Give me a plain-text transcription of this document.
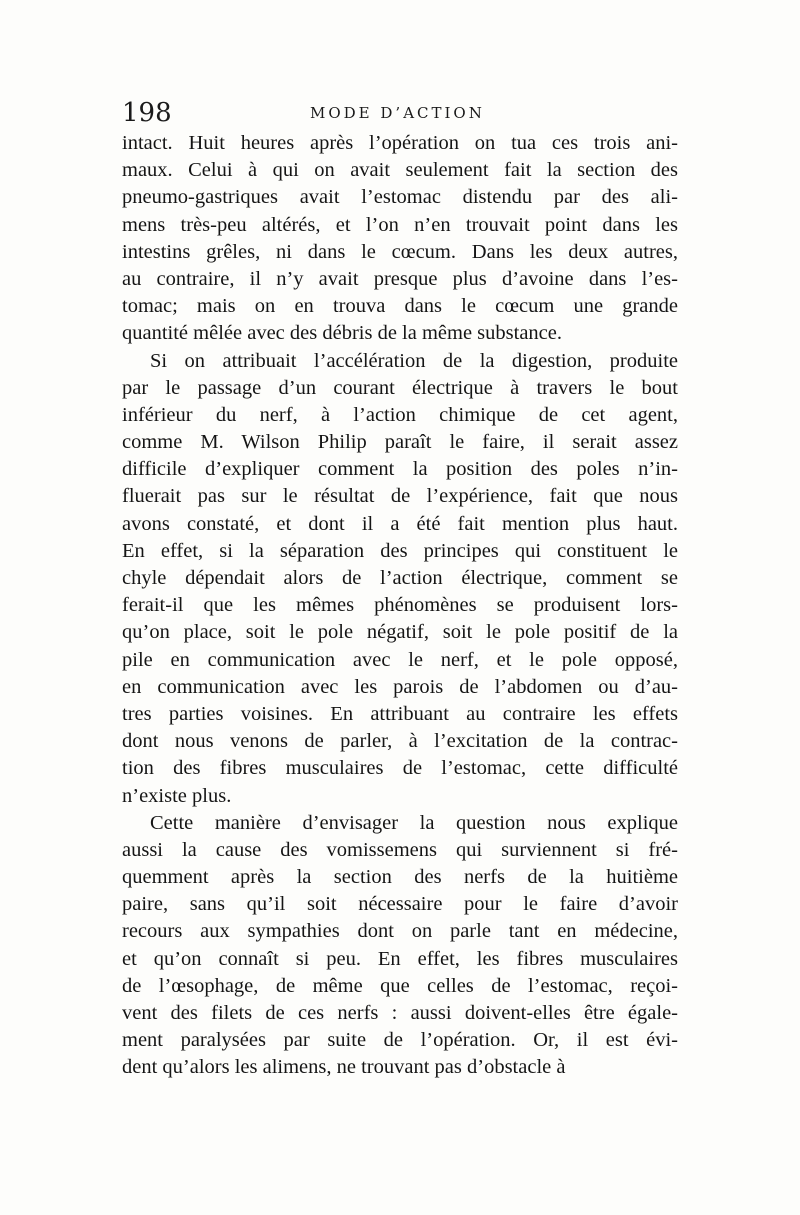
198	MODE D’ACTION
intact. Huit heures après l’opération on tua ces trois ani-
maux. Celui à qui on avait seulement fait la section des
pneumo-gastriques avait l’estomac distendu par des ali-
mens très-peu altérés, et l’on n’en trouvait point dans les
intestins grêles, ni dans le cœcum. Dans les deux autres,
au contraire, il n’y avait presque plus d’avoine dans l’es-
tomac; mais on en trouva dans le cœcum une grande
quantité mêlée avec des débris de la même substance.
Si on attribuait l’accélération de la digestion, produite
par le passage d’un courant électrique à travers le bout
inférieur du nerf, à l’action chimique de cet agent,
comme M. Wilson Philip paraît le faire, il serait assez
difficile d’expliquer comment la position des poles n’in-
fluerait pas sur le résultat de l’expérience, fait que nous
avons constaté, et dont il a été fait mention plus haut.
En effet, si la séparation des principes qui constituent le
chyle dépendait alors de l’action électrique, comment se
ferait-il que les mêmes phénomènes se produisent lors-
qu’on place, soit le pole négatif, soit le pole positif de la
pile en communication avec le nerf, et le pole opposé,
en communication avec les parois de l’abdomen ou d’au-
tres parties voisines. En attribuant au contraire les effets
dont nous venons de parler, à l’excitation de la contrac-
tion des fibres musculaires de l’estomac, cette difficulté
n’existe plus.
Cette manière d’envisager la question nous explique
aussi la cause des vomissemens qui surviennent si fré-
quemment après la section des nerfs de la huitième
paire, sans qu’il soit nécessaire pour le faire d’avoir
recours aux sympathies dont on parle tant en médecine,
et qu’on connaît si peu. En effet, les fibres musculaires
de l’œsophage, de même que celles de l’estomac, reçoi-
vent des filets de ces nerfs : aussi doivent-elles être égale-
ment paralysées par suite de l’opération. Or, il est évi-
dent qu’alors les alimens, ne trouvant pas d’obstacle à
